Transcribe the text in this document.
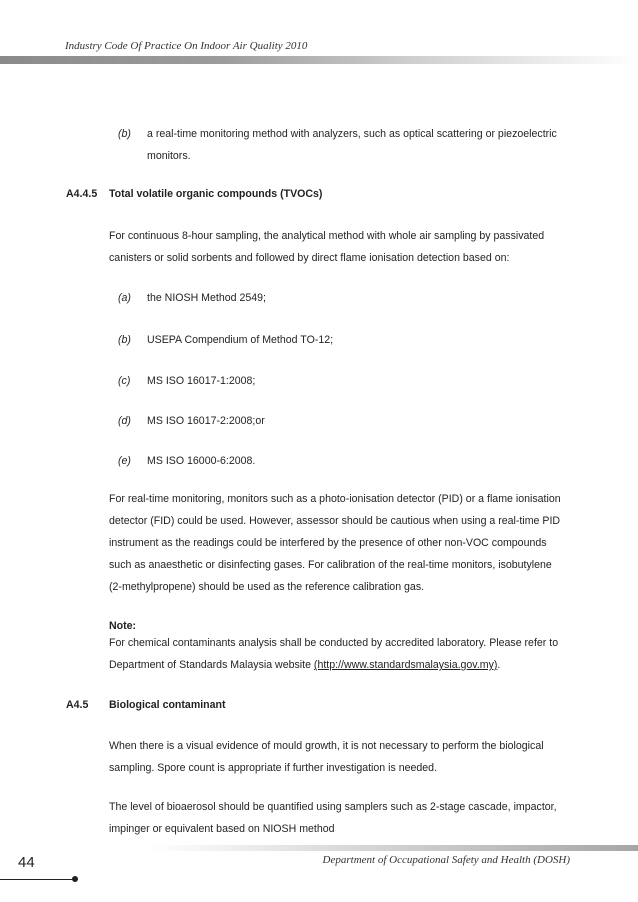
Industry Code Of Practice On Indoor Air Quality 2010
(b) a real-time monitoring method with analyzers, such as optical scattering or piezoelectric
monitors.
A4.4.5 Total volatile organic compounds (TVOCs)
For continuous 8-hour sampling, the analytical method with whole air sampling by passivated
canisters or solid sorbents and followed by direct flame ionisation detection based on:
(a) the NIOSH Method 2549;
(b) USEPA Compendium of Method TO-12;
(c) MS ISO 16017-1:2008;
(d) MS ISO 16017-2:2008;or
(e) MS ISO 16000-6:2008.
For real-time monitoring, monitors such as a photo-ionisation detector (PID) or a flame ionisation
detector (FID) could be used. However, assessor should be cautious when using a real-time PID
instrument as the readings could be interfered by the presence of other non-VOC compounds
such as anaesthetic or disinfecting gases. For calibration of the real-time monitors, isobutylene
(2-methylpropene) should be used as the reference calibration gas.
Note:
For chemical contaminants analysis shall be conducted by accredited laboratory. Please refer to
Department of Standards Malaysia website (http://www.standardsmalaysia.gov.my).
A4.5 Biological contaminant
When there is a visual evidence of mould growth, it is not necessary to perform the biological
sampling. Spore count is appropriate if further investigation is needed.
The level of bioaerosol should be quantified using samplers such as 2-stage cascade, impactor,
impinger or equivalent based on NIOSH method
44	Department of Occupational Safety and Health (DOSH)
